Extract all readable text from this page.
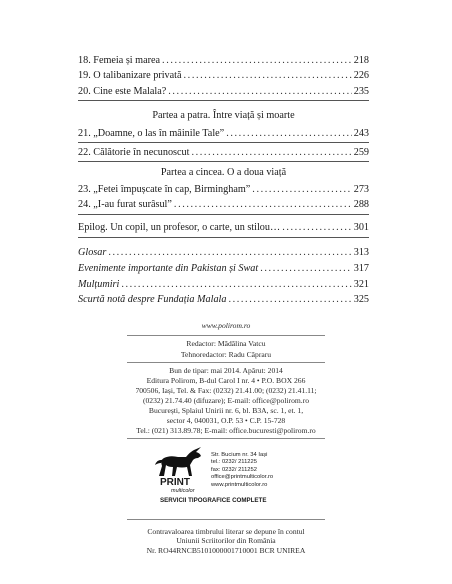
18. Femeia și marea .....	218
19. O talibanizare privată .....	226
20. Cine este Malala? .....	235
Partea a patra. Între viață și moarte
21. „Doamne, o las în mâinile Tale” .....	243
22. Călătorie în necunoscut .....	259
Partea a cincea. O a doua viață
23. „Fetei împușcate în cap, Birmingham” .....	273
24. „I-au furat surâsul” .....	288
Epilog. Un copil, un profesor, o carte, un stilou… .....	301
Glosar .....	313
Evenimente importante din Pakistan și Swat .....	317
Mulțumiri .....	321
Scurtă notă despre Fundația Malala .....	325
www.polirom.ro
Redactor: Mădălina Vatcu
Tehnoredactor: Radu Căpraru
Bun de tipar: mai 2014. Apărut: 2014
Editura Polirom, B-dul Carol I nr. 4 • P.O. BOX 266
700506, Iași, Tel. & Fax: (0232) 21.41.00; (0232) 21.41.11;
(0232) 21.74.40 (difuzare); E-mail: office@polirom.ro
București, Splaiul Unirii nr. 6, bl. B3A, sc. 1, et. 1,
sector 4, 040031, O.P. 53 • C.P. 15-728
Tel.: (021) 313.89.78; E-mail: office.bucuresti@polirom.ro
PRINT
multicolor
Str. Bucium nr. 34 Iași
tel.: 0232/ 211225
fax: 0232/ 211252
office@printmulticolor.ro
www.printmulticolor.ro
SERVICII TIPOGRAFICE COMPLETE
Contravaloarea timbrului literar se depune în contul
Uniunii Scriitorilor din România
Nr. RO44RNCB5101000001710001 BCR UNIREA
